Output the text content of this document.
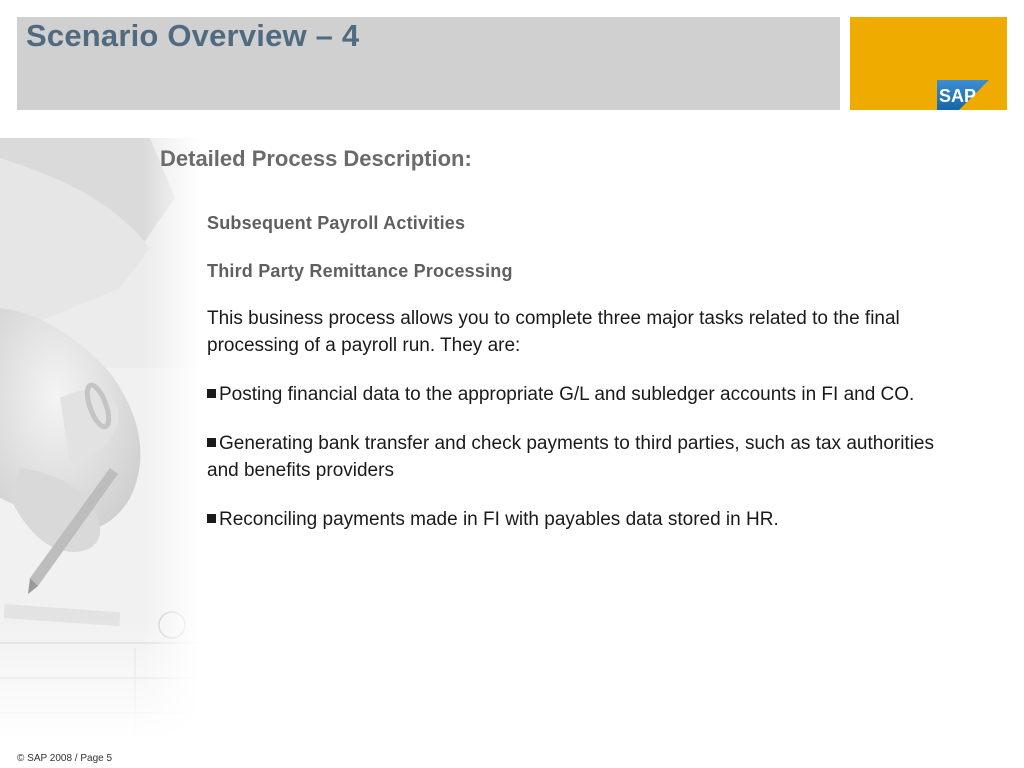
Scenario Overview – 4
SAP
Detailed Process Description:

Subsequent Payroll Activities

Third Party Remittance Processing

This business process allows you to complete three major tasks related to the final processing of a payroll run. They are:

Posting financial data to the appropriate G/L and subledger accounts in FI and CO.
Generating bank transfer and check payments to third parties, such as tax authorities and benefits providers
Reconciling payments made in FI with payables data stored in HR.
© SAP 2008 / Page 5
